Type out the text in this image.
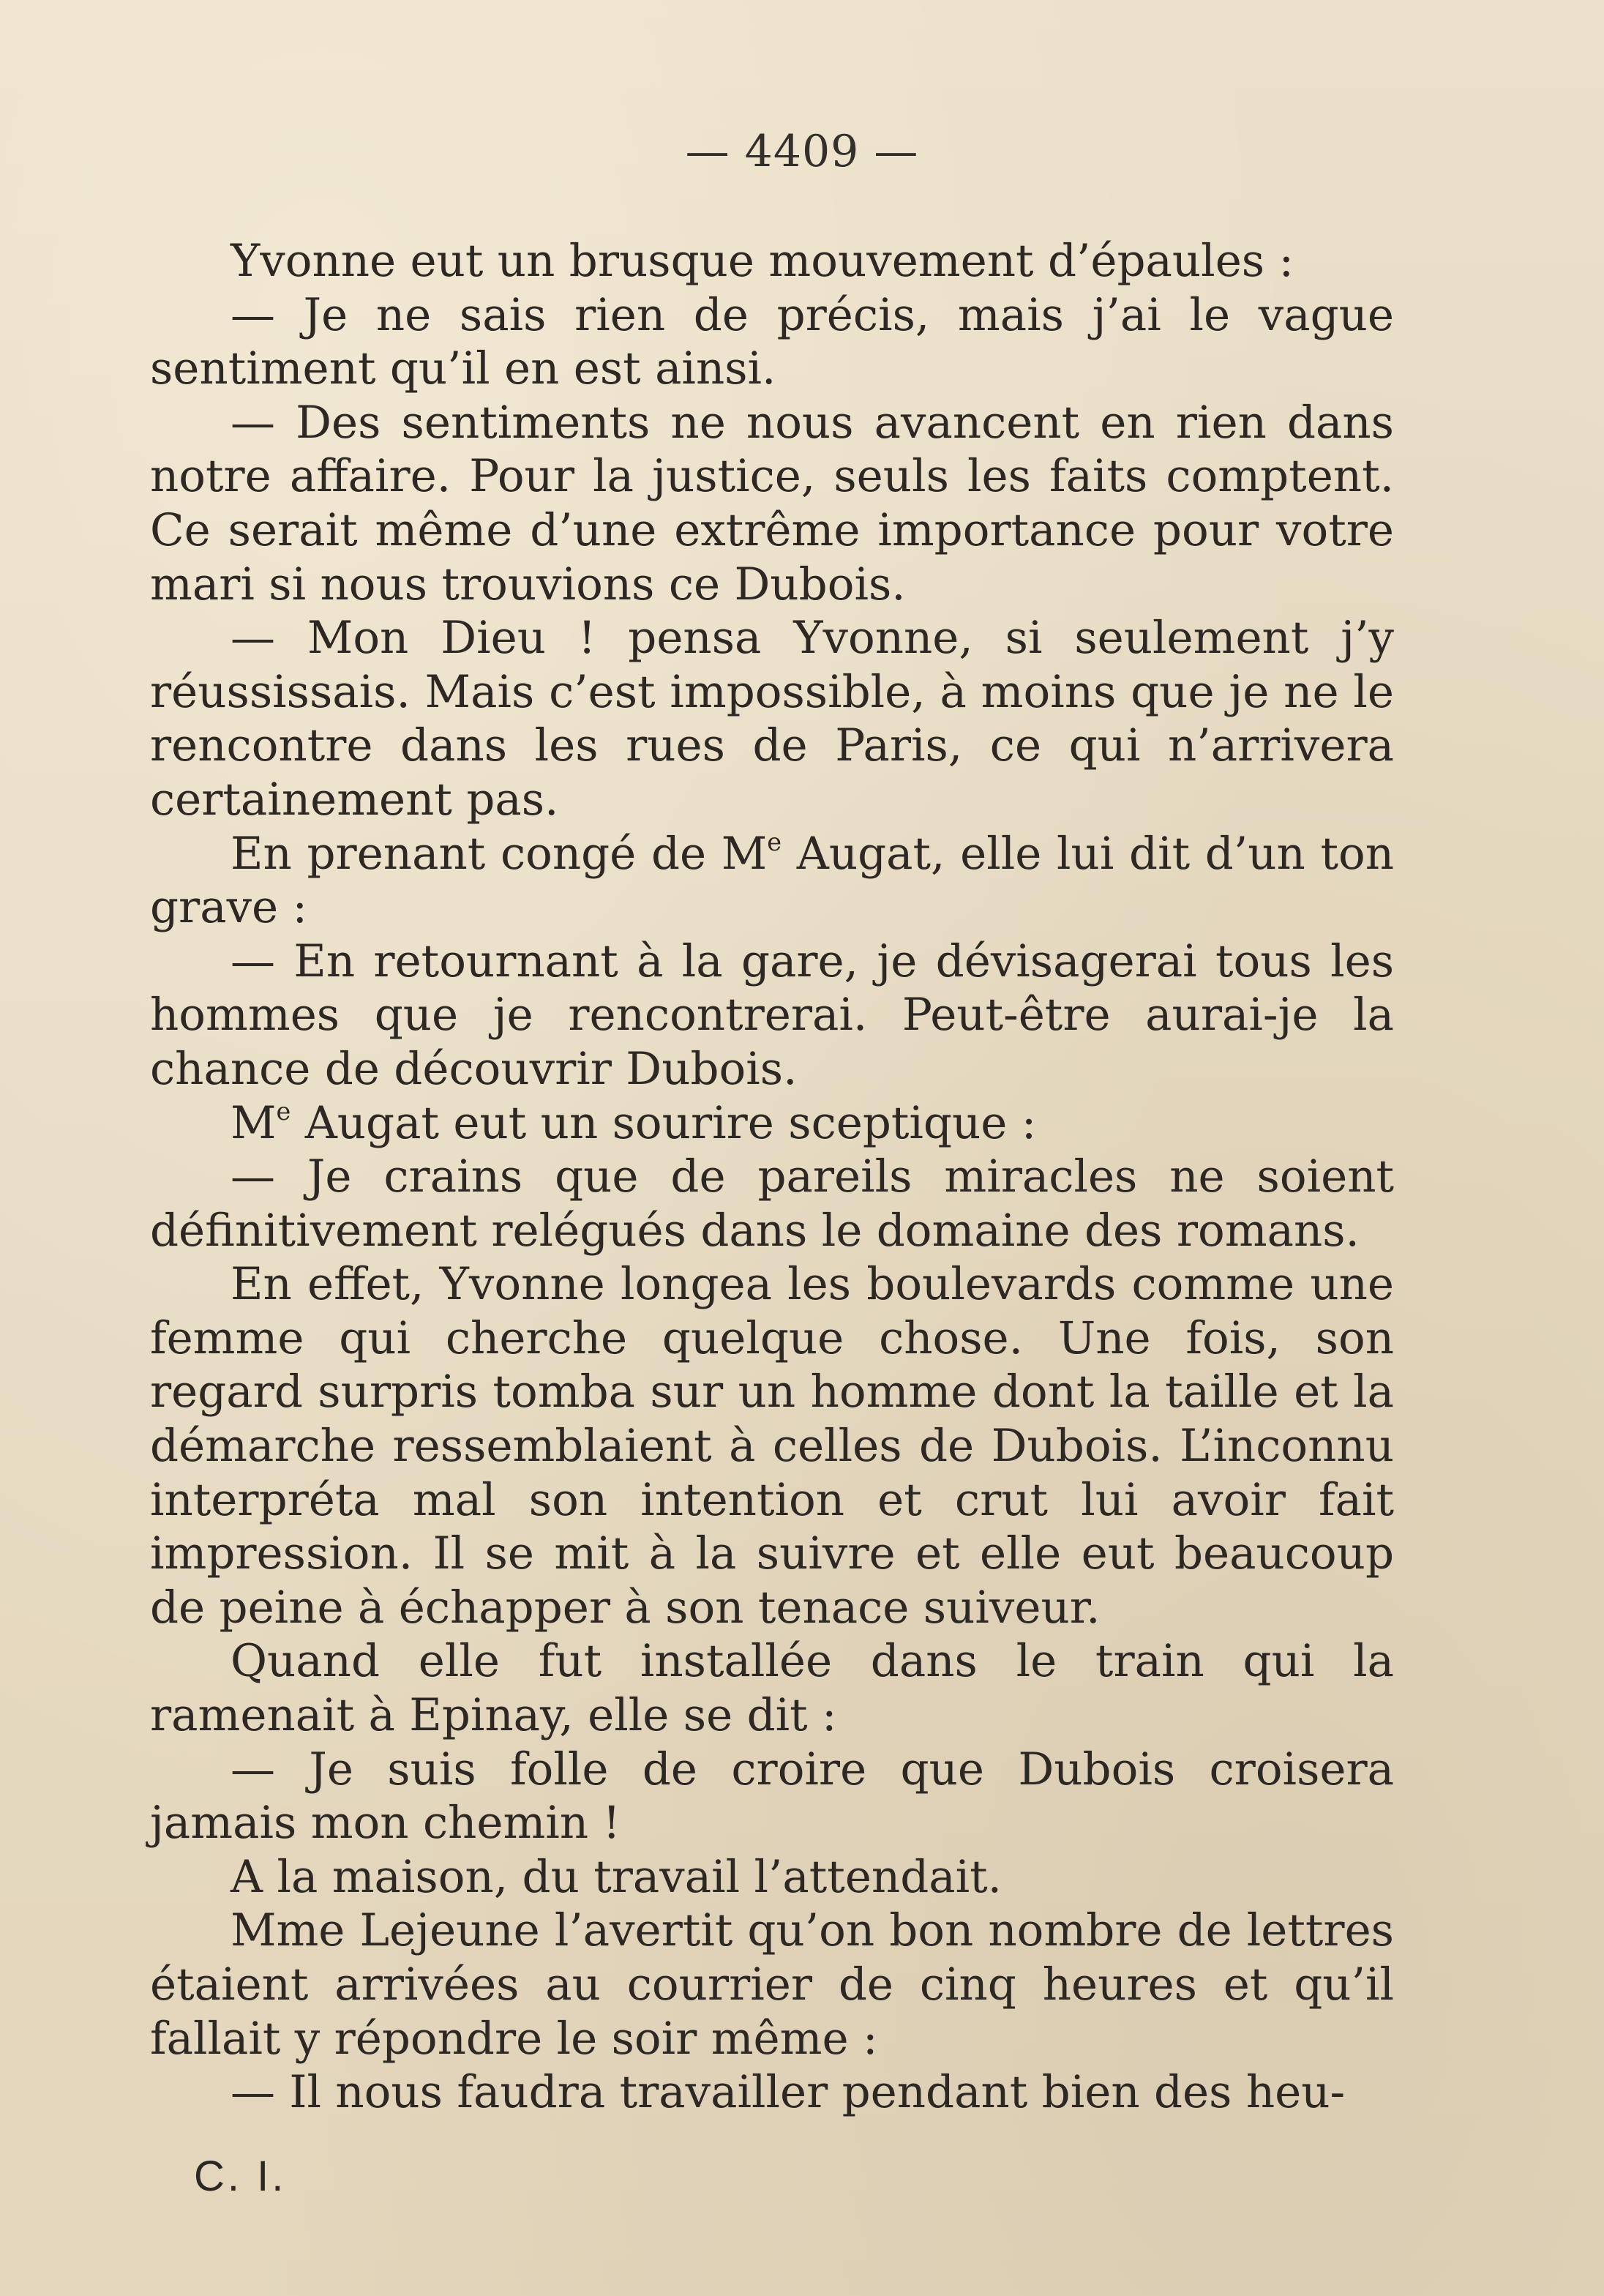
— 4409 —

Yvonne eut un brusque mouvement d’épaules :

— Je ne sais rien de précis, mais j’ai le vague sentiment qu’il en est ainsi.

— Des sentiments ne nous avancent en rien dans notre affaire. Pour la justice, seuls les faits comptent. Ce serait même d’une extrême importance pour votre mari si nous trouvions ce Dubois.

— Mon Dieu ! pensa Yvonne, si seulement j’y réussissais. Mais c’est impossible, à moins que je ne le rencontre dans les rues de Paris, ce qui n’arrivera certainement pas.

En prenant congé de Me Augat, elle lui dit d’un ton grave :

— En retournant à la gare, je dévisagerai tous les hommes que je rencontrerai. Peut-être aurai-je la chance de découvrir Dubois.

Me Augat eut un sourire sceptique :

— Je crains que de pareils miracles ne soient définitivement relégués dans le domaine des romans.

En effet, Yvonne longea les boulevards comme une femme qui cherche quelque chose. Une fois, son regard surpris tomba sur un homme dont la taille et la démarche ressemblaient à celles de Dubois. L’inconnu interpréta mal son intention et crut lui avoir fait impression. Il se mit à la suivre et elle eut beaucoup de peine à échapper à son tenace suiveur.

Quand elle fut installée dans le train qui la ramenait à Epinay, elle se dit :

— Je suis folle de croire que Dubois croisera jamais mon chemin !

A la maison, du travail l’attendait.

Mme Lejeune l’avertit qu’on bon nombre de lettres étaient arrivées au courrier de cinq heures et qu’il fallait y répondre le soir même :

— Il nous faudra travailler pendant bien des heu-

C. I.
